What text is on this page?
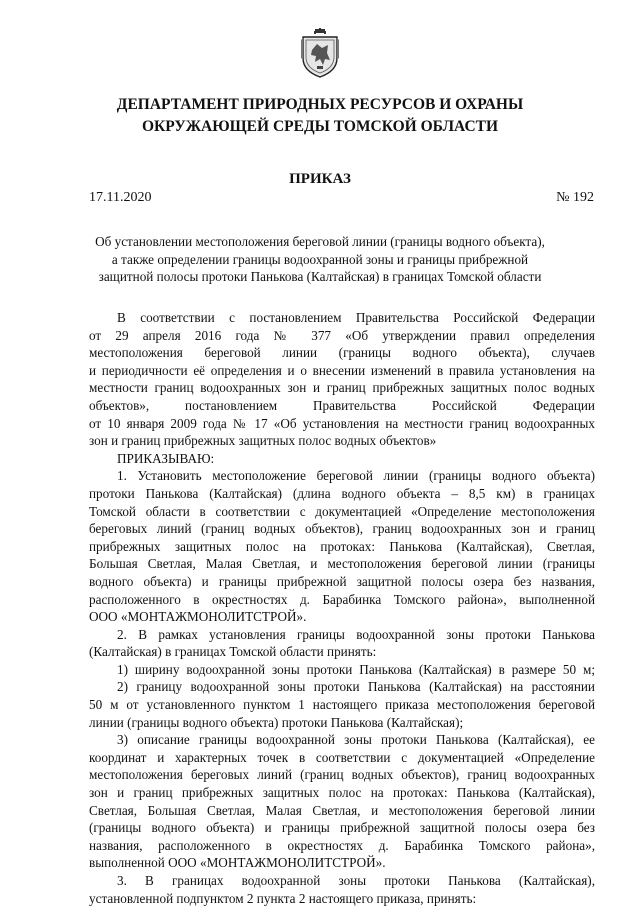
ДЕПАРТАМЕНТ ПРИРОДНЫХ РЕСУРСОВ И ОХРАНЫ
ОКРУЖАЮЩЕЙ СРЕДЫ ТОМСКОЙ ОБЛАСТИ
ПРИКАЗ
17.11.2020	№ 192
Об установлении местоположения береговой линии (границы водного объекта),
а также определении границы водоохранной зоны и границы прибрежной
защитной полосы протоки Панькова (Калтайская) в границах Томской области
В соответствии с постановлением Правительства Российской Федерации
от 29 апреля 2016 года № 377 «Об утверждении правил определения
местоположения береговой линии (границы водного объекта), случаев
и периодичности её определения и о внесении изменений в правила установления на
местности границ водоохранных зон и границ прибрежных защитных полос водных
объектов», постановлением Правительства Российской Федерации
от 10 января 2009 года № 17 «Об установления на местности границ водоохранных
зон и границ прибрежных защитных полос водных объектов»
ПРИКАЗЫВАЮ:
1. Установить местоположение береговой линии (границы водного объекта)
протоки Панькова (Калтайская) (длина водного объекта – 8,5 км) в границах
Томской области в соответствии с документацией «Определение местоположения
береговых линий (границ водных объектов), границ водоохранных зон и границ
прибрежных защитных полос на протоках: Панькова (Калтайская), Светлая,
Большая Светлая, Малая Светлая, и местоположения береговой линии (границы
водного объекта) и границы прибрежной защитной полосы озера без названия,
расположенного в окрестностях д. Барабинка Томского района», выполненной
ООО «МОНТАЖМОНОЛИТСТРОЙ».
2. В рамках установления границы водоохранной зоны протоки Панькова
(Калтайская) в границах Томской области принять:
1) ширину водоохранной зоны протоки Панькова (Калтайская) в размере 50 м;
2) границу водоохранной зоны протоки Панькова (Калтайская) на расстоянии
50 м от установленного пунктом 1 настоящего приказа местоположения береговой
линии (границы водного объекта) протоки Панькова (Калтайская);
3) описание границы водоохранной зоны протоки Панькова (Калтайская), ее
координат и характерных точек в соответствии с документацией «Определение
местоположения береговых линий (границ водных объектов), границ водоохранных
зон и границ прибрежных защитных полос на протоках: Панькова (Калтайская),
Светлая, Большая Светлая, Малая Светлая, и местоположения береговой линии
(границы водного объекта) и границы прибрежной защитной полосы озера без
названия, расположенного в окрестностях д. Барабинка Томского района»,
выполненной ООО «МОНТАЖМОНОЛИТСТРОЙ».
3. В границах водоохранной зоны протоки Панькова (Калтайская),
установленной подпунктом 2 пункта 2 настоящего приказа, принять:
